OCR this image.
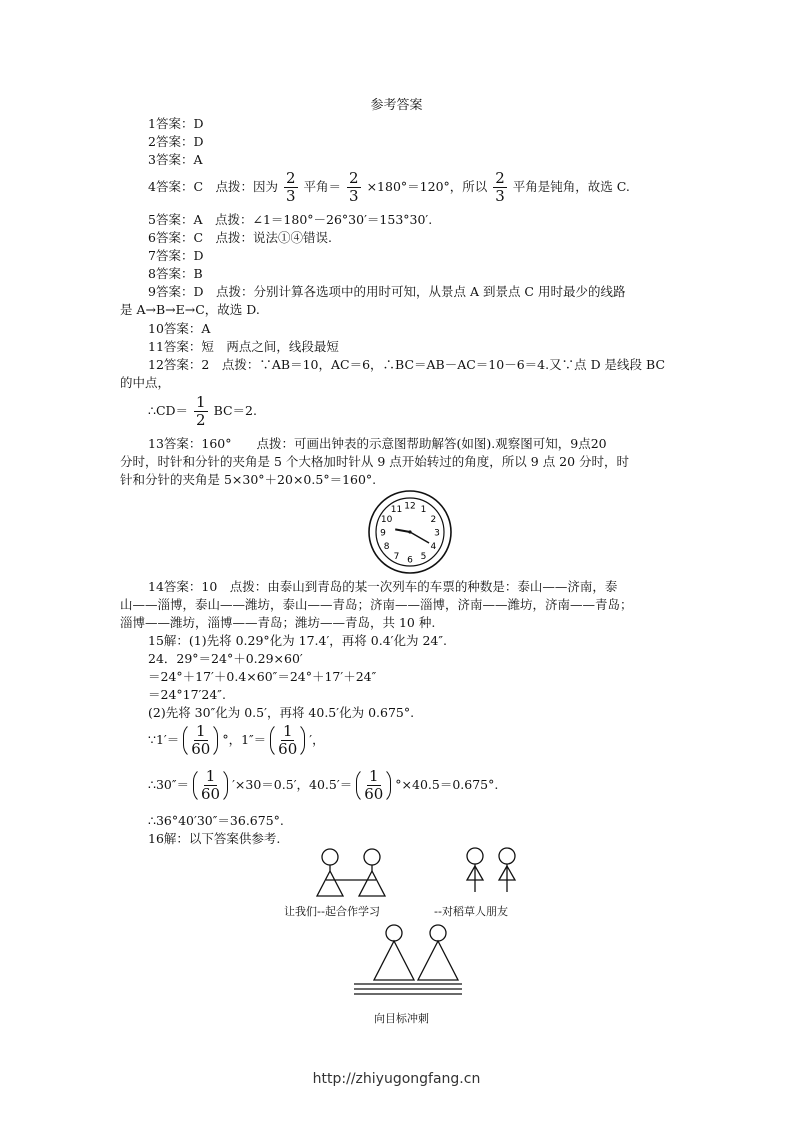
参考答案
1答案：D
2答案：D
3答案：A
4答案：C　点拨：因为 $\frac{2}{3}$ 平角＝ $\frac{2}{3} \times 180^\circ=120^\circ$，所以 $\frac{2}{3}$ 平角是钝角，故选 C.
5答案：A　点拨：∠1＝180°－26°30′＝153°30′.
6答案：C　点拨：说法①④错误.
7答案：D
8答案：B
9答案：D　点拨：分别计算各选项中的用时可知，从景点 A 到景点 C 用时最少的线路
是 A→B→E→C，故选 D.
10答案：A
11答案：短　两点之间，线段最短
12答案：2　点拨：∵AB＝10，AC＝6，∴BC＝AB－AC＝10－6＝4.又∵点 D 是线段 BC
的中点，
∴CD＝ $\frac{1}{2} BC=2$.
13答案：160°　　点拨：可画出钟表的示意图帮助解答(如图).观察图可知，9点20
分时，时针和分针的夹角是 5 个大格加时针从 9 点开始转过的角度，所以 9 点 20 分时，时
针和分针的夹角是 5×30°＋20×0.5°＝160°.
12 1
2
3
4
5
6
7
8
9
10
11
14答案：10　点拨：由泰山到青岛的某一次列车的车票的种数是：泰山——济南，泰
山——淄博，泰山——潍坊，泰山——青岛；济南——淄博，济南——潍坊，济南——青岛；
淄博——潍坊，淄博——青岛；潍坊——青岛，共 10 种.
15解：(1)先将 0.29°化为 17.4′，再将 0.4′化为 24″.
24．29°＝24°＋0.29×60′
＝24°＋17′＋0.4×60″＝24°＋17′＋24″
＝24°17′24″.
(2)先将 30″化为 0.5′，再将 40.5′化为 0.675°.
∵1′＝ $\frac{1}{60}$ °，$1''= \frac{1}{60}$ ′，
∴30″＝ $\frac{1}{60} '\times 30=0.5'$，$40.5'= \frac{1}{60} ^\circ\times 40.5=0.675^\circ$.
∴36°40′30″＝36.675°.
16解：以下答案供参考.
让我们--起合作学习	--对稻草人朋友
向目标冲刺
http://zhiyugongfang.cn
